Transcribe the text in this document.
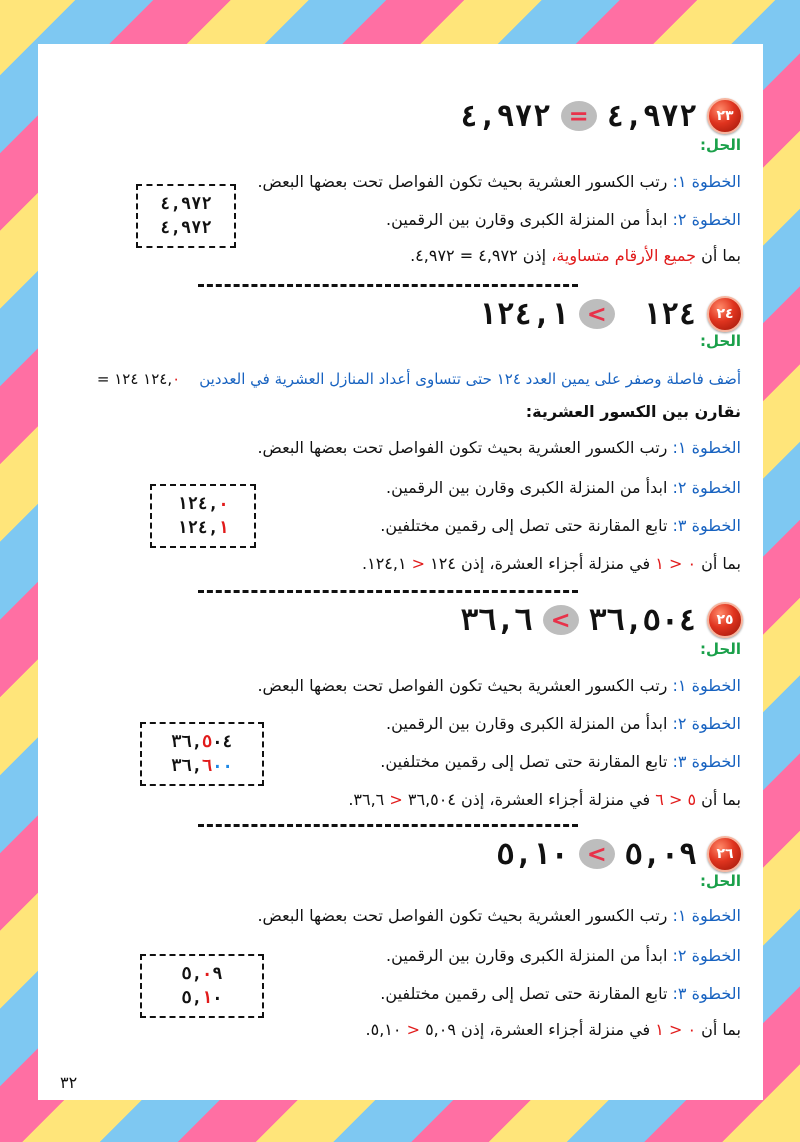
٢٣
٤,٩٧٢
=
٤,٩٧٢
الحل:
الخطوة ١: رتب الكسور العشرية بحيث تكون الفواصل تحت بعضها البعض.
الخطوة ٢: ابدأ من المنزلة الكبرى وقارن بين الرقمين.
بما أن جميع الأرقام متساوية، إذن ٤,٩٧٢ = ٤,٩٧٢.
٤,٩٧٢
٤,٩٧٢
٢٤
١٢٤
>
١٢٤,١
الحل:
أضف فاصلة وصفر على يمين العدد ١٢٤ حتى تتساوى أعداد المنازل العشرية في العددين    ١٢٤,٠ ١٢٤ =
نقارن بين الكسور العشرية:
الخطوة ١: رتب الكسور العشرية بحيث تكون الفواصل تحت بعضها البعض.
الخطوة ٢: ابدأ من المنزلة الكبرى وقارن بين الرقمين.
الخطوة ٣: تابع المقارنة حتى تصل إلى رقمين مختلفين.
بما أن ٠ < ١ في منزلة أجزاء العشرة، إذن ١٢٤ < ١٢٤,١.
١٢٤,٠
١٢٤,١
٢٥
٣٦,٥٠٤
>
٣٦,٦
الحل:
الخطوة ١: رتب الكسور العشرية بحيث تكون الفواصل تحت بعضها البعض.
الخطوة ٢: ابدأ من المنزلة الكبرى وقارن بين الرقمين.
الخطوة ٣: تابع المقارنة حتى تصل إلى رقمين مختلفين.
بما أن ٥ < ٦ في منزلة أجزاء العشرة، إذن ٣٦,٥٠٤ < ٣٦,٦.
٣٦,٥٠٤
٣٦,٦٠٠
٢٦
٥,٠٩
>
٥,١٠
الحل:
الخطوة ١: رتب الكسور العشرية بحيث تكون الفواصل تحت بعضها البعض.
الخطوة ٢: ابدأ من المنزلة الكبرى وقارن بين الرقمين.
الخطوة ٣: تابع المقارنة حتى تصل إلى رقمين مختلفين.
بما أن ٠ < ١ في منزلة أجزاء العشرة، إذن ٥,٠٩ < ٥,١٠.
٥,٠٩
٥,١٠
٣٢
